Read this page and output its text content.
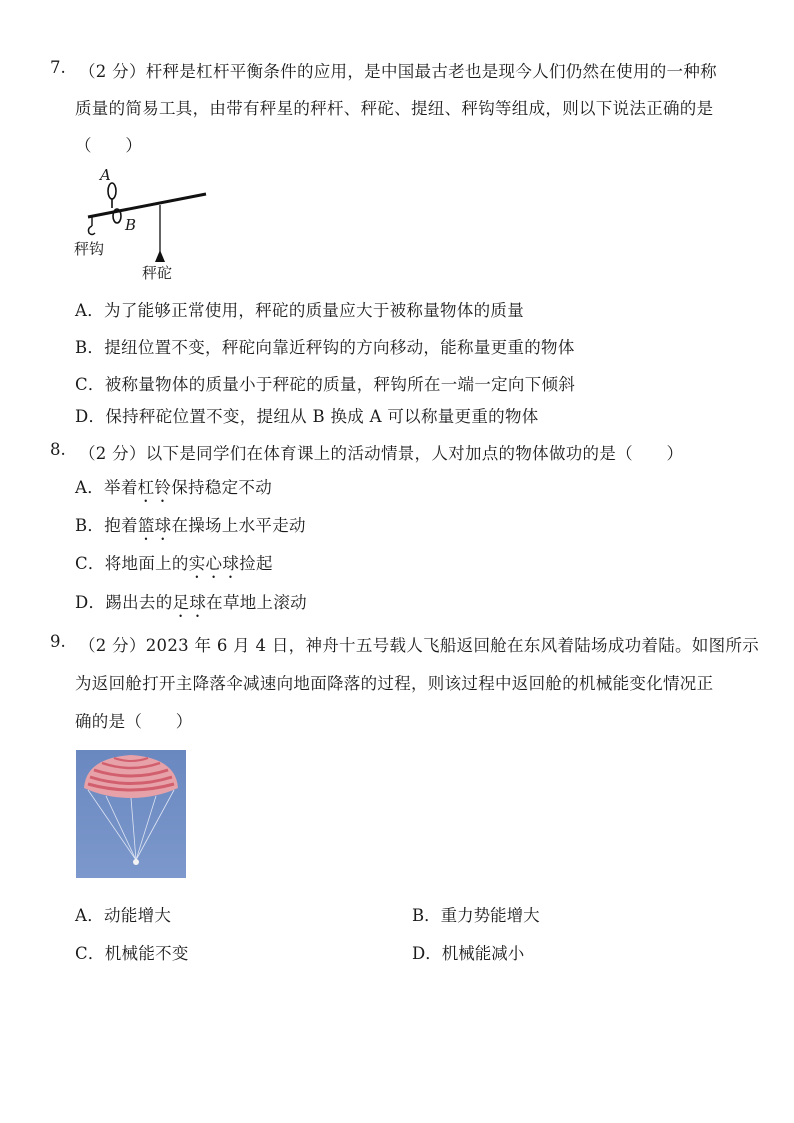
7. （2 分）杆秤是杠杆平衡条件的应用，是中国最古老也是现今人们仍然在使用的一种称
质量的简易工具，由带有秤星的秤杆、秤砣、提纽、秤钩等组成，则以下说法正确的是
（　　）
A
B
秤钩
秤砣
A．为了能够正常使用，秤砣的质量应大于被称量物体的质量
B．提纽位置不变，秤砣向靠近秤钩的方向移动，能称量更重的物体
C．被称量物体的质量小于秤砣的质量，秤钩所在一端一定向下倾斜
D．保持秤砣位置不变，提纽从 B 换成 A 可以称量更重的物体
8. （2 分）以下是同学们在体育课上的活动情景，人对加点的物体做功的是（　　）
A．举着杠铃保持稳定不动
B．抱着篮球在操场上水平走动
C．将地面上的实心球捡起
D．踢出去的足球在草地上滚动
9. （2 分）2023 年 6 月 4 日，神舟十五号载人飞船返回舱在东风着陆场成功着陆。如图所示
为返回舱打开主降落伞减速向地面降落的过程，则该过程中返回舱的机械能变化情况正
确的是（　　）
A．动能增大	B．重力势能增大
C．机械能不变	D．机械能减小
